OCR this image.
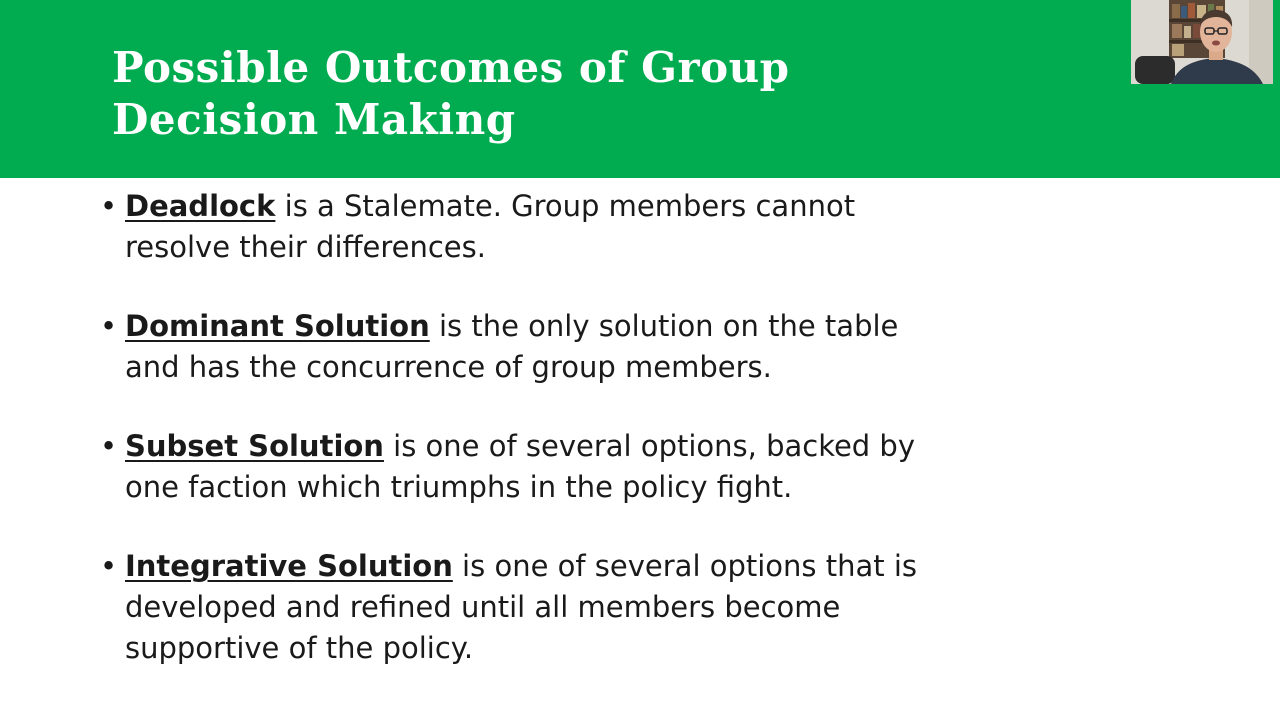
Possible Outcomes of Group
Decision Making
• Deadlock is a Stalemate. Group members cannot resolve their differences.
• Dominant Solution is the only solution on the table and has the concurrence of group members.
• Subset Solution is one of several options, backed by one faction which triumphs in the policy fight.
• Integrative Solution is one of several options that is developed and refined until all members become supportive of the policy.
